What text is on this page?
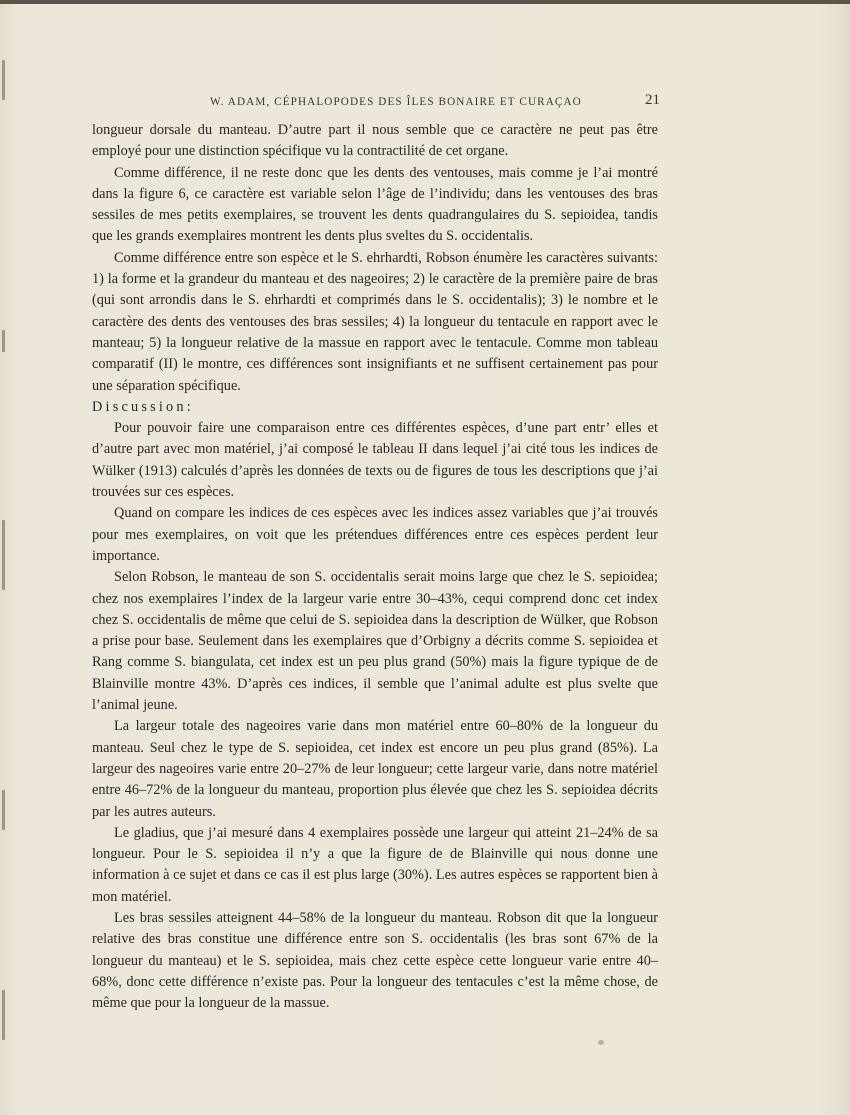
W. ADAM, CÉPHALOPODES DES ÎLES BONAIRE ET CURAÇAO	21

longueur dorsale du manteau. D’autre part il nous semble que ce caractère ne peut pas être employé pour une distinction spécifique vu la contractilité de cet organe.

Comme différence, il ne reste donc que les dents des ventouses, mais comme je l’ai montré dans la figure 6, ce caractère est variable selon l’âge de l’individu; dans les ventouses des bras sessiles de mes petits exemplaires, se trouvent les dents quadrangulaires du S. sepioidea, tandis que les grands exemplaires montrent les dents plus sveltes du S. occidentalis.

Comme différence entre son espèce et le S. ehrhardti, Robson énumère les caractères suivants: 1) la forme et la grandeur du manteau et des nageoires; 2) le caractère de la première paire de bras (qui sont arrondis dans le S. ehrhardti et comprimés dans le S. occidentalis); 3) le nombre et le caractère des dents des ventouses des bras sessiles; 4) la longueur du tentacule en rapport avec le manteau; 5) la longueur relative de la massue en rapport avec le tentacule. Comme mon tableau comparatif (II) le montre, ces différences sont insignifiants et ne suffisent certainement pas pour une séparation spécifique.

Discussion:

Pour pouvoir faire une comparaison entre ces différentes espèces, d’une part entr’ elles et d’autre part avec mon matériel, j’ai composé le tableau II dans lequel j’ai cité tous les indices de Wülker (1913) calculés d’après les données de texts ou de figures de tous les descriptions que j’ai trouvées sur ces espèces.

Quand on compare les indices de ces espèces avec les indices assez variables que j’ai trouvés pour mes exemplaires, on voit que les prétendues différences entre ces espèces perdent leur importance.

Selon Robson, le manteau de son S. occidentalis serait moins large que chez le S. sepioidea; chez nos exemplaires l’index de la largeur varie entre 30–43%, cequi comprend donc cet index chez S. occidentalis de même que celui de S. sepioidea dans la description de Wülker, que Robson a prise pour base. Seulement dans les exemplaires que d’Orbigny a décrits comme S. sepioidea et Rang comme S. biangulata, cet index est un peu plus grand (50%) mais la figure typique de de Blainville montre 43%. D’après ces indices, il semble que l’animal adulte est plus svelte que l’animal jeune.

La largeur totale des nageoires varie dans mon matériel entre 60–80% de la longueur du manteau. Seul chez le type de S. sepioidea, cet index est encore un peu plus grand (85%). La largeur des nageoires varie entre 20–27% de leur longueur; cette largeur varie, dans notre matériel entre 46–72% de la longueur du manteau, proportion plus élevée que chez les S. sepioidea décrits par les autres auteurs.

Le gladius, que j’ai mesuré dans 4 exemplaires possède une largeur qui atteint 21–24% de sa longueur. Pour le S. sepioidea il n’y a que la figure de de Blainville qui nous donne une information à ce sujet et dans ce cas il est plus large (30%). Les autres espèces se rapportent bien à mon matériel.

Les bras sessiles atteignent 44–58% de la longueur du manteau. Robson dit que la longueur relative des bras constitue une différence entre son S. occidentalis (les bras sont 67% de la longueur du manteau) et le S. sepioidea, mais chez cette espèce cette longueur varie entre 40–68%, donc cette différence n’existe pas. Pour la longueur des tentacules c’est la même chose, de même que pour la longueur de la massue.
